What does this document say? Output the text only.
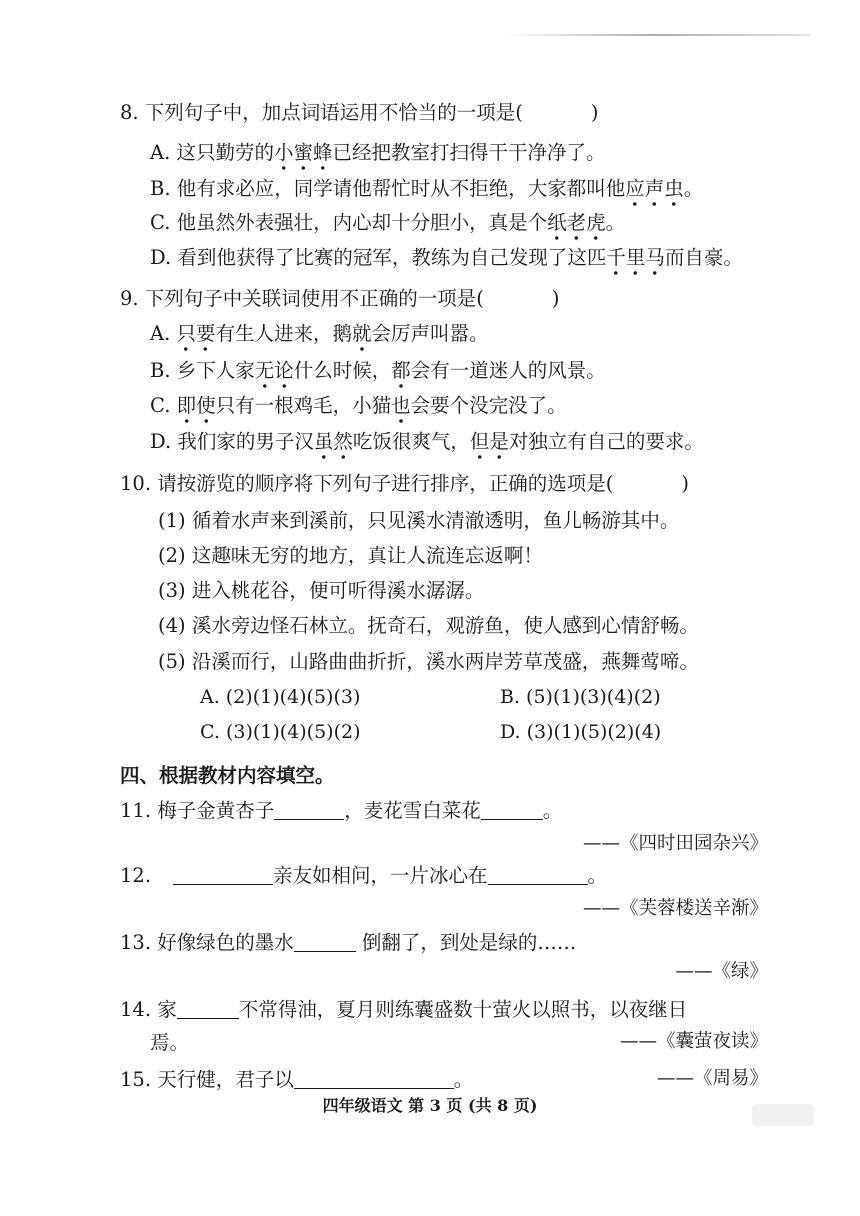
8. 下列句子中，加点词语运用不恰当的一项是(	)
A. 这只勤劳的小蜜蜂已经把教室打扫得干干净净了。
B. 他有求必应，同学请他帮忙时从不拒绝，大家都叫他应声虫。
C. 他虽然外表强壮，内心却十分胆小，真是个纸老虎。
D. 看到他获得了比赛的冠军，教练为自己发现了这匹千里马而自豪。
9. 下列句子中关联词使用不正确的一项是(	)
A. 只要有生人进来，鹅就会厉声叫嚣。
B. 乡下人家无论什么时候，都会有一道迷人的风景。
C. 即使只有一根鸡毛，小猫也会要个没完没了。
D. 我们家的男子汉虽然吃饭很爽气，但是对独立有自己的要求。
10. 请按游览的顺序将下列句子进行排序，正确的选项是(	)
(1) 循着水声来到溪前，只见溪水清澈透明，鱼儿畅游其中。
(2) 这趣味无穷的地方，真让人流连忘返啊！
(3) 进入桃花谷，便可听得溪水潺潺。
(4) 溪水旁边怪石林立。抚奇石，观游鱼，使人感到心情舒畅。
(5) 沿溪而行，山路曲曲折折，溪水两岸芳草茂盛，燕舞莺啼。
A. (2)(1)(4)(5)(3)	B. (5)(1)(3)(4)(2)
C. (3)(1)(4)(5)(2)	D. (3)(1)(5)(2)(4)
四、根据教材内容填空。
11. 梅子金黄杏子	，麦花雪白菜花	。
——《四时田园杂兴》
12.	亲友如相问，一片冰心在	。
——《芙蓉楼送辛渐》
13. 好像绿色的墨水	倒翻了，到处是绿的……
——《绿》
14. 家	不常得油，夏月则练囊盛数十萤火以照书，以夜继日
焉。	——《囊萤夜读》
15. 天行健，君子以	。	——《周易》
四年级语文 第 3 页 (共 8 页)
